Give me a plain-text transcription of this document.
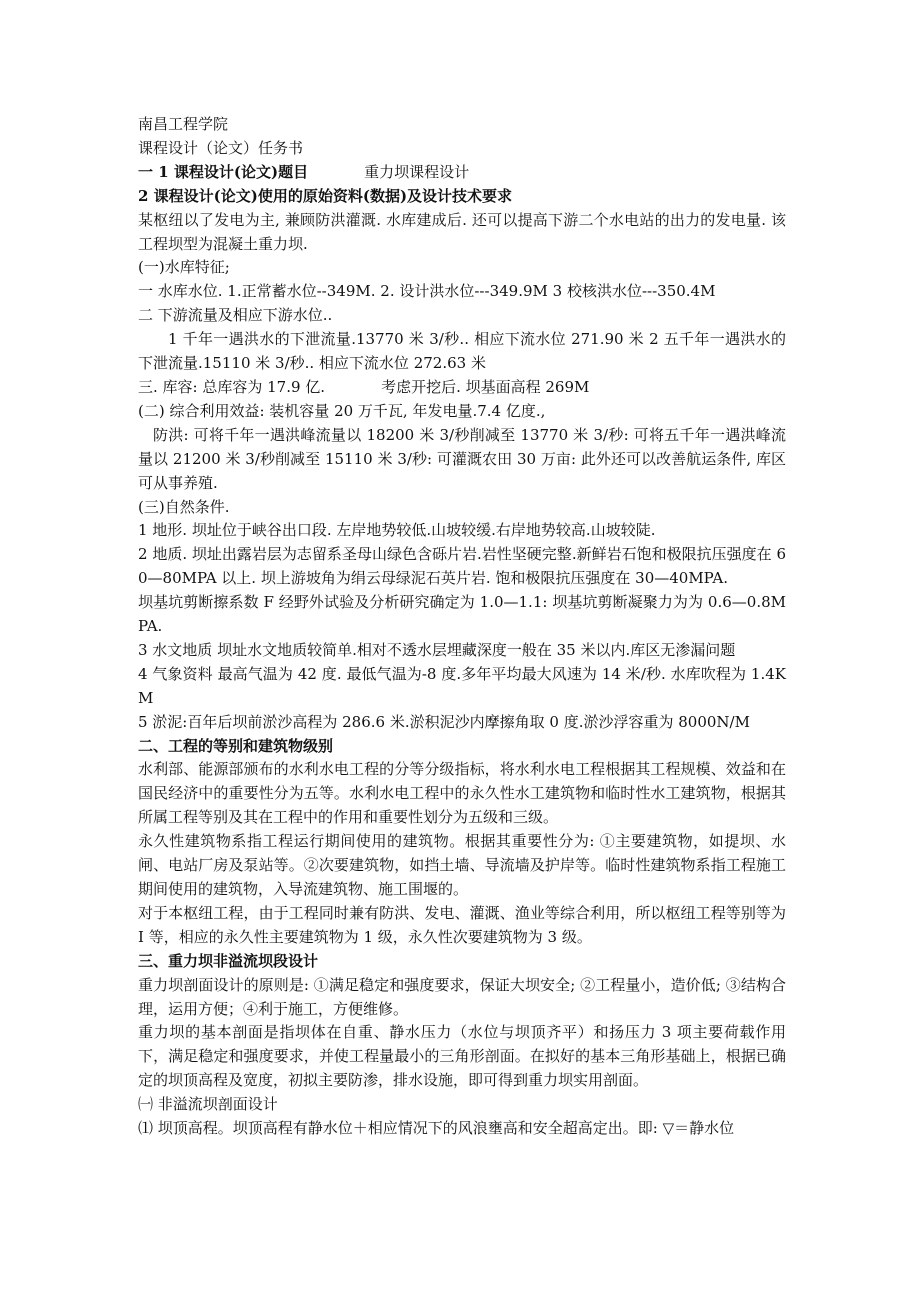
南昌工程学院

课程设计（论文）任务书

一 1 课程设计(论文)题目	重力坝课程设计

2 课程设计(论文)使用的原始资料(数据)及设计技术要求

某枢纽以了发电为主, 兼顾防洪灌溉. 水库建成后. 还可以提高下游二个水电站的出力的发电量. 该工程坝型为混凝土重力坝.

(一)水库特征;

一 水库水位. 1.正常蓄水位--349M. 2. 设计洪水位---349.9M 3 校核洪水位---350.4M

二 下游流量及相应下游水位..

1 千年一遇洪水的下泄流量.13770 米 3/秒.. 相应下流水位 271.90 米 2 五千年一遇洪水的下泄流量.15110 米 3/秒.. 相应下流水位 272.63 米

三. 库容: 总库容为 17.9 亿.	考虑开挖后. 坝基面高程 269M

(二) 综合利用效益: 装机容量 20 万千瓦, 年发电量.7.4 亿度.,

防洪: 可将千年一遇洪峰流量以 18200 米 3/秒削减至 13770 米 3/秒: 可将五千年一遇洪峰流量以 21200 米 3/秒削减至 15110 米 3/秒: 可灌溉农田 30 万亩: 此外还可以改善航运条件, 库区可从事养殖.

(三)自然条件.

1 地形. 坝址位于峡谷出口段. 左岸地势较低.山坡较缓.右岸地势较高.山坡较陡.

2 地质. 坝址出露岩层为志留系圣母山绿色含砾片岩.岩性坚硬完整.新鲜岩石饱和极限抗压强度在 60—80MPA 以上. 坝上游坡角为绢云母绿泥石英片岩. 饱和极限抗压强度在 30—40MPA.

坝基坑剪断擦系数 F 经野外试验及分析研究确定为 1.0—1.1: 坝基坑剪断凝聚力为为 0.6—0.8MPA.

3 水文地质 坝址水文地质较简单.相对不透水层埋藏深度一般在 35 米以内.库区无渗漏问题

4 气象资料 最高气温为 42 度. 最低气温为-8 度.多年平均最大风速为 14 米/秒. 水库吹程为 1.4KM

5 淤泥:百年后坝前淤沙高程为 286.6 米.淤积泥沙内摩擦角取 0 度.淤沙浮容重为 8000N/M

二、工程的等别和建筑物级别

水利部、能源部颁布的水利水电工程的分等分级指标，将水利水电工程根据其工程规模、效益和在国民经济中的重要性分为五等。水利水电工程中的永久性水工建筑物和临时性水工建筑物，根据其所属工程等别及其在工程中的作用和重要性划分为五级和三级。

永久性建筑物系指工程运行期间使用的建筑物。根据其重要性分为: ①主要建筑物，如提坝、水闸、电站厂房及泵站等。②次要建筑物，如挡土墙、导流墙及护岸等。临时性建筑物系指工程施工期间使用的建筑物，入导流建筑物、施工围堰的。

对于本枢纽工程，由于工程同时兼有防洪、发电、灌溉、渔业等综合利用，所以枢纽工程等别等为 I 等，相应的永久性主要建筑物为 1 级，永久性次要建筑物为 3 级。

三、重力坝非溢流坝段设计

重力坝剖面设计的原则是: ①满足稳定和强度要求，保证大坝安全; ②工程量小，造价低; ③结构合理，运用方便；④利于施工，方便维修。

重力坝的基本剖面是指坝体在自重、静水压力（水位与坝顶齐平）和扬压力 3 项主要荷载作用下，满足稳定和强度要求，并使工程量最小的三角形剖面。在拟好的基本三角形基础上，根据已确定的坝顶高程及宽度，初拟主要防渗，排水设施，即可得到重力坝实用剖面。

㈠ 非溢流坝剖面设计

⑴ 坝顶高程。坝顶高程有静水位＋相应情况下的风浪壅高和安全超高定出。即: ▽＝静水位
